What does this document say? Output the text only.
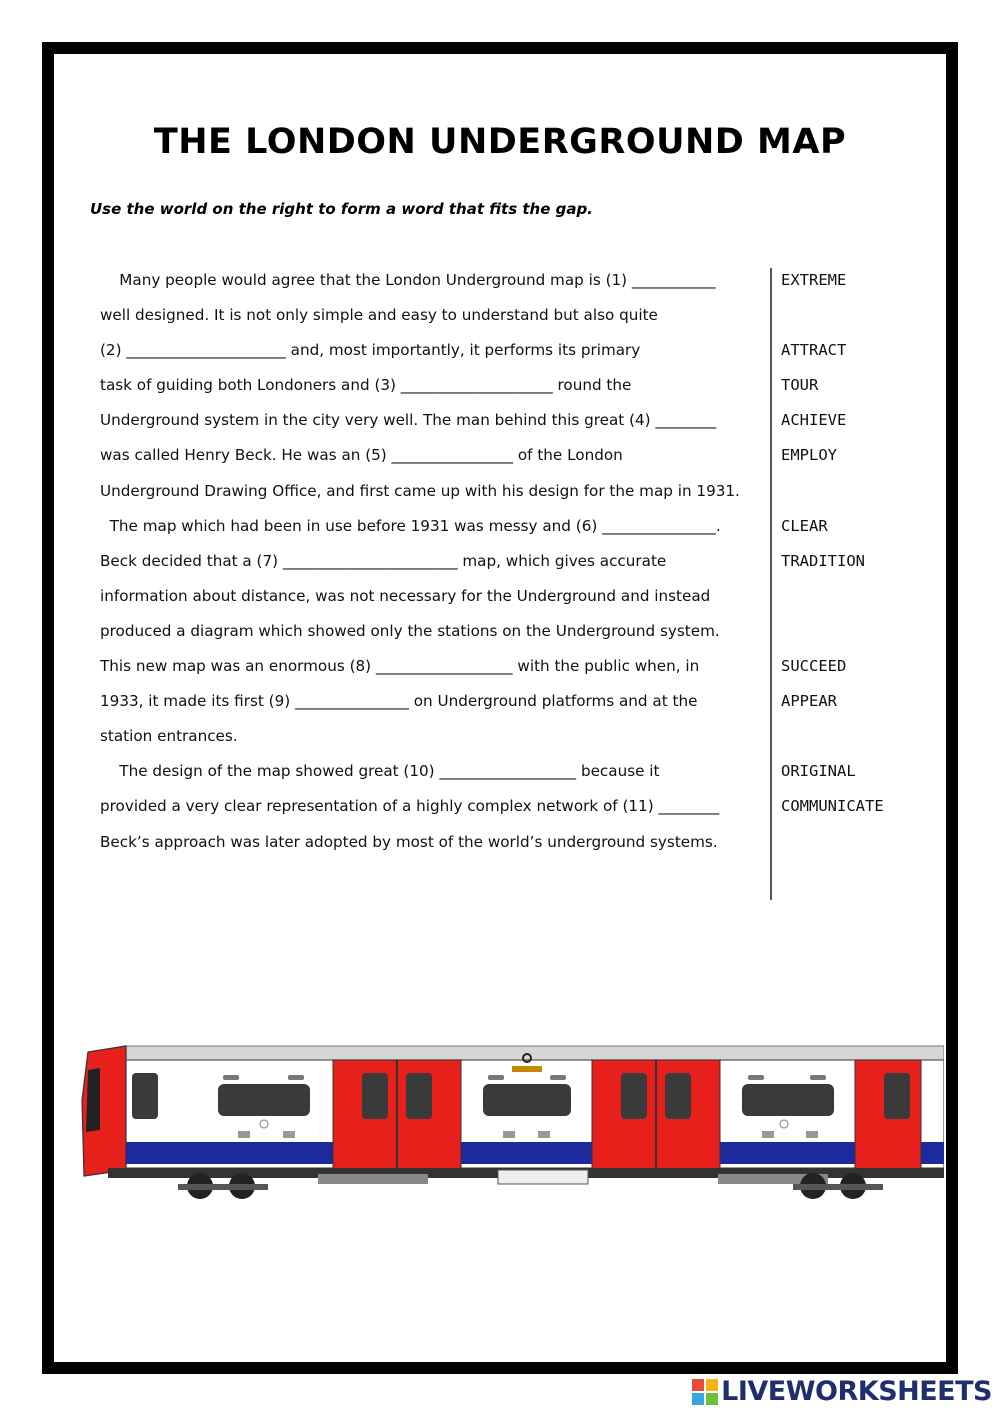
THE LONDON UNDERGROUND MAP
Use the world on the right to form a word that fits the gap.
Many people would agree that the London Underground map is (1) ___________
well designed. It is not only simple and easy to understand but also quite
(2) _____________________ and, most importantly, it performs its primary
task of guiding both Londoners and (3) ____________________ round the
Underground system in the city very well. The man behind this great (4) ________
was called Henry Beck. He was an (5) ________________ of the London
Underground Drawing Office, and first came up with his design for the map in 1931.
The map which had been in use before 1931 was messy and (6) _______________.
Beck decided that a (7) _______________________ map, which gives accurate
information about distance, was not necessary for the Underground and instead
produced a diagram which showed only the stations on the Underground system.
This new map was an enormous (8) __________________ with the public when, in
1933, it made its first (9) _______________ on Underground platforms and at the
station entrances.
The design of the map showed great (10) __________________ because it
provided a very clear representation of a highly complex network of (11) ________
Beck’s approach was later adopted by most of the world’s underground systems.
EXTREME
ATTRACT
TOUR
ACHIEVE
EMPLOY
CLEAR
TRADITION
SUCCEED
APPEAR
ORIGINAL
COMMUNICATE
LIVEWORKSHEETS
